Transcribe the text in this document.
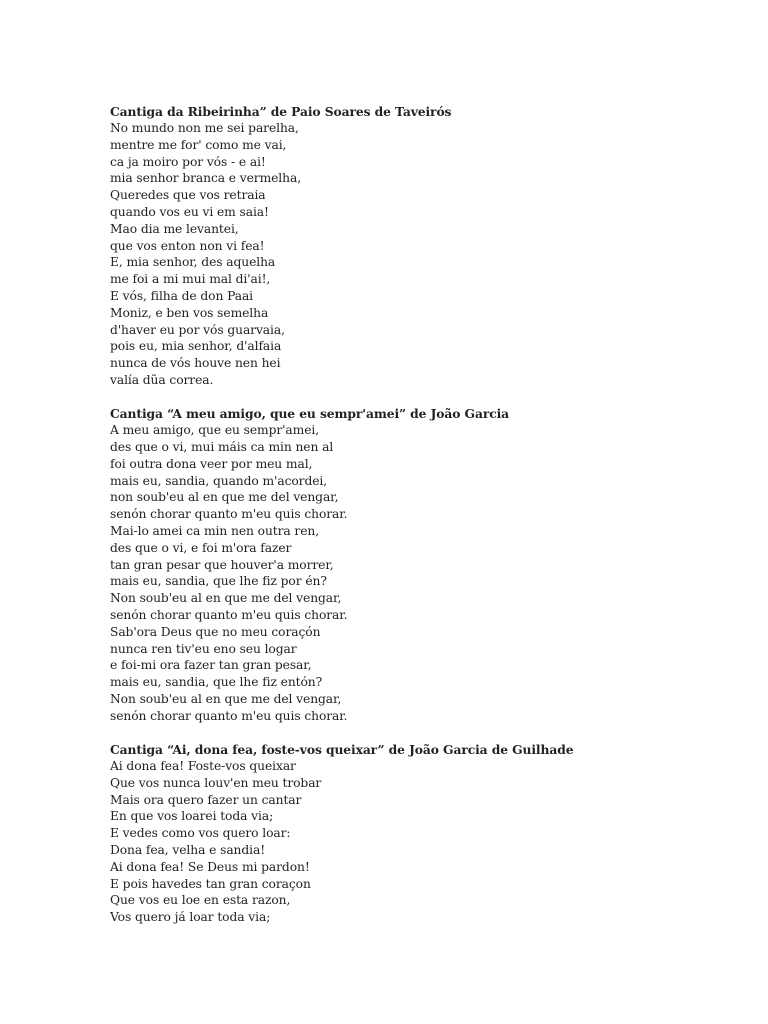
Cantiga da Ribeirinha” de Paio Soares de Taveirós

No mundo non me sei parelha,
mentre me for' como me vai,
ca ja moiro por vós - e ai!
mia senhor branca e vermelha,
Queredes que vos retraia
quando vos eu vi em saia!
Mao dia me levantei,
que vos enton non vi fea!
E, mia senhor, des aquelha
me foi a mi mui mal di'ai!,
E vós, filha de don Paai
Moniz, e ben vos semelha
d'haver eu por vós guarvaia,
pois eu, mia senhor, d'alfaia
nunca de vós houve nen hei
valía dũa correa.

Cantiga “A meu amigo, que eu sempr'amei” de João Garcia

A meu amigo, que eu sempr'amei,
des que o vi, mui máis ca min nen al
foi outra dona veer por meu mal,
mais eu, sandia, quando m'acordei,
non soub'eu al en que me del vengar,
senón chorar quanto m'eu quis chorar.
Mai-lo amei ca min nen outra ren,
des que o vi, e foi m'ora fazer
tan gran pesar que houver'a morrer,
mais eu, sandia, que lhe fiz por én?
Non soub'eu al en que me del vengar,
senón chorar quanto m'eu quis chorar.
Sab'ora Deus que no meu coraçón
nunca ren tiv'eu eno seu logar
e foi-mi ora fazer tan gran pesar,
mais eu, sandia, que lhe fiz entón?
Non soub'eu al en que me del vengar,
senón chorar quanto m'eu quis chorar.

Cantiga “Ai, dona fea, foste-vos queixar” de João Garcia de Guilhade

Ai dona fea! Foste-vos queixar
Que vos nunca louv'en meu trobar
Mais ora quero fazer un cantar
En que vos loarei toda via;
E vedes como vos quero loar:
Dona fea, velha e sandia!
Ai dona fea! Se Deus mi pardon!
E pois havedes tan gran coraçon
Que vos eu loe en esta razon,
Vos quero já loar toda via;
